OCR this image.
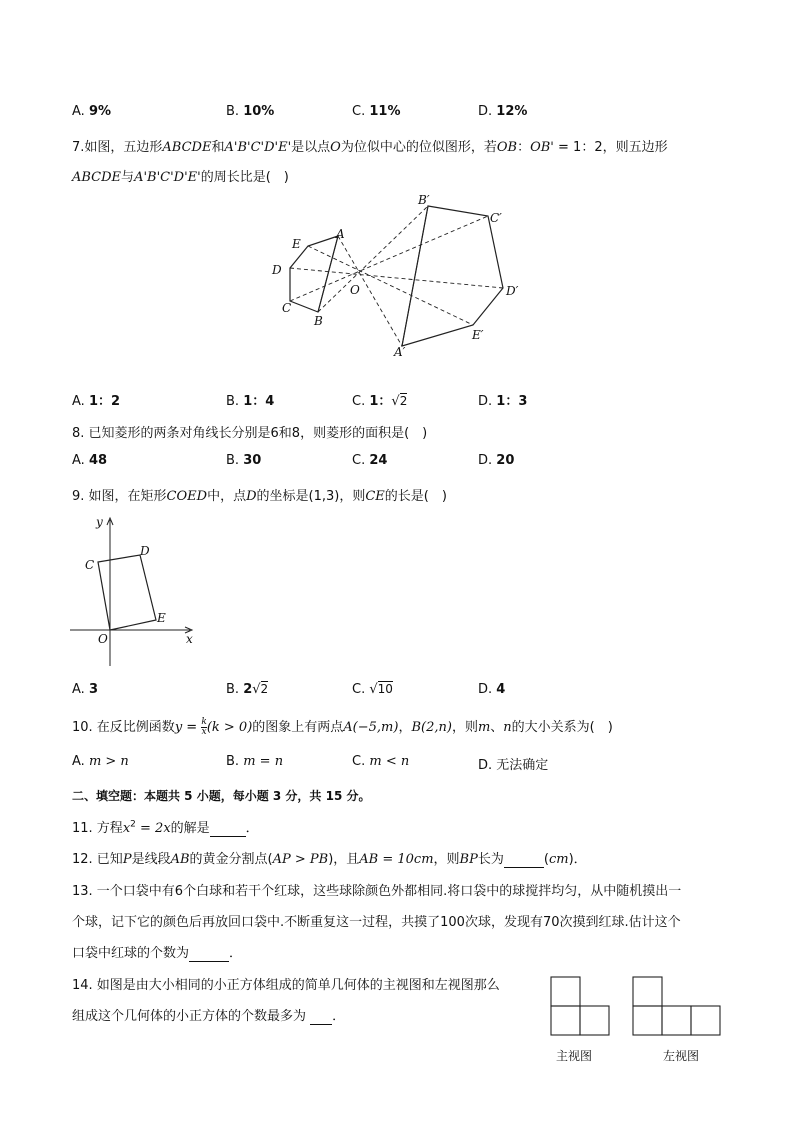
A. 9%	B. 10%	C. 11%	D. 12%
7.如图，五边形ABCDE和A'B'C'D'E'是以点O为位似中心的位似图形，若OB：OB' = 1：2，则五边形
ABCDE与A'B'C'D'E'的周长比是(　)
A
E
D
C
B
O
B′
C′
D′
E′
A′
A. 1：2	B. 1：4	C. 1：√2	D. 1：3
8. 已知菱形的两条对角线长分别是6和8，则菱形的面积是(　)
A. 48	B. 30	C. 24	D. 20
9. 如图，在矩形COED中，点D的坐标是(1,3)，则CE的长是(　)
y
x
O
C
D
E
A. 3	B. 2√2	C. √10	D. 4
10. 在反比例函数$y = \frac{k}{x} (k > 0)$的图象上有两点A(−5,m)，B(2,n)，则m、n的大小关系为(　)
A. m > n	B. m = n	C. m < n	D. 无法确定
二、填空题：本题共 5 小题，每小题 3 分，共 15 分。
11. 方程$x^2 = 2x$的解是	．
12. 已知P是线段AB的黄金分割点(AP > PB)，且AB = 10cm，则BP长为	(cm)．
13. 一个口袋中有6个白球和若干个红球，这些球除颜色外都相同.将口袋中的球搅拌均匀，从中随机摸出一
个球，记下它的颜色后再放回口袋中.不断重复这一过程，共摸了100次球，发现有70次摸到红球.估计这个
口袋中红球的个数为	．
14. 如图是由大小相同的小正方体组成的简单几何体的主视图和左视图那么
组成这个几何体的小正方体的个数最多为 ．
主视图	左视图
